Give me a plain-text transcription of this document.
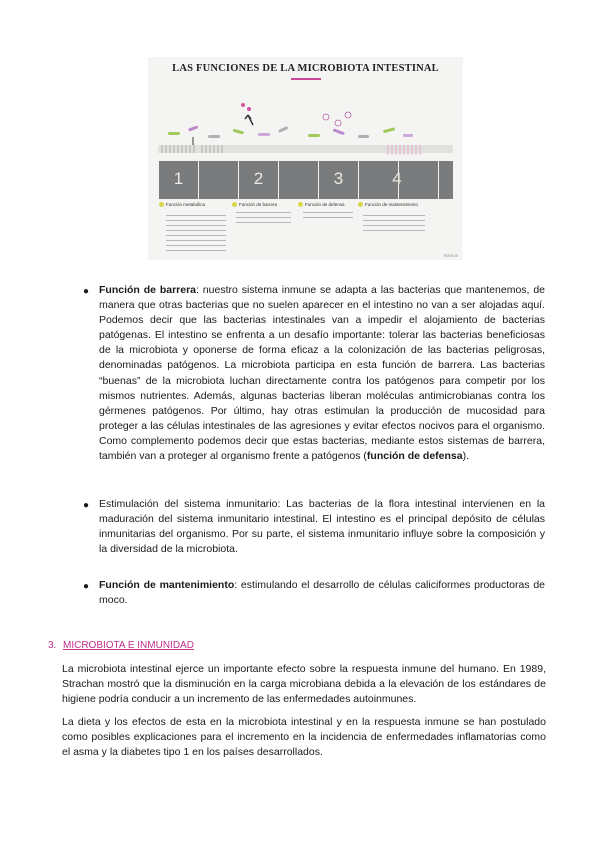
LAS FUNCIONES DE LA MICROBIOTA INTESTINAL
1	2	3	4
Función metabólica	Función de barrera	Función de defensa	Función de mantenimiento
Ramos
● Función de barrera: nuestro sistema inmune se adapta a las bacterias que mantenemos, de manera que otras bacterias que no suelen aparecer en el intestino no van a ser alojadas aquí. Podemos decir que las bacterias intestinales van a impedir el alojamiento de bacterias patógenas. El intestino se enfrenta a un desafío importante: tolerar las bacterias beneficiosas de la microbiota y oponerse de forma eficaz a la colonización de las bacterias peligrosas, denominadas patógenos. La microbiota participa en esta función de barrera. Las bacterias “buenas” de la microbiota luchan directamente contra los patógenos para competir por los mismos nutrientes. Además, algunas bacterias liberan moléculas antimicrobianas contra los gérmenes patógenos. Por último, hay otras estimulan la producción de mucosidad para proteger a las células intestinales de las agresiones y evitar efectos nocivos para el organismo. Como complemento podemos decir que estas bacterias, mediante estos sistemas de barrera, también van a proteger al organismo frente a patógenos (función de defensa).
● Estimulación del sistema inmunitario: Las bacterias de la flora intestinal intervienen en la maduración del sistema inmunitario intestinal. El intestino es el principal depósito de células inmunitarias del organismo. Por su parte, el sistema inmunitario influye sobre la composición y la diversidad de la microbiota.
● Función de mantenimiento: estimulando el desarrollo de células caliciformes productoras de moco.
3. MICROBIOTA E INMUNIDAD
La microbiota intestinal ejerce un importante efecto sobre la respuesta inmune del humano. En 1989, Strachan mostró que la disminución en la carga microbiana debida a la elevación de los estándares de higiene podría conducir a un incremento de las enfermedades autoinmunes.
La dieta y los efectos de esta en la microbiota intestinal y en la respuesta inmune se han postulado como posibles explicaciones para el incremento en la incidencia de enfermedades inflamatorias como el asma y la diabetes tipo 1 en los países desarrollados.
